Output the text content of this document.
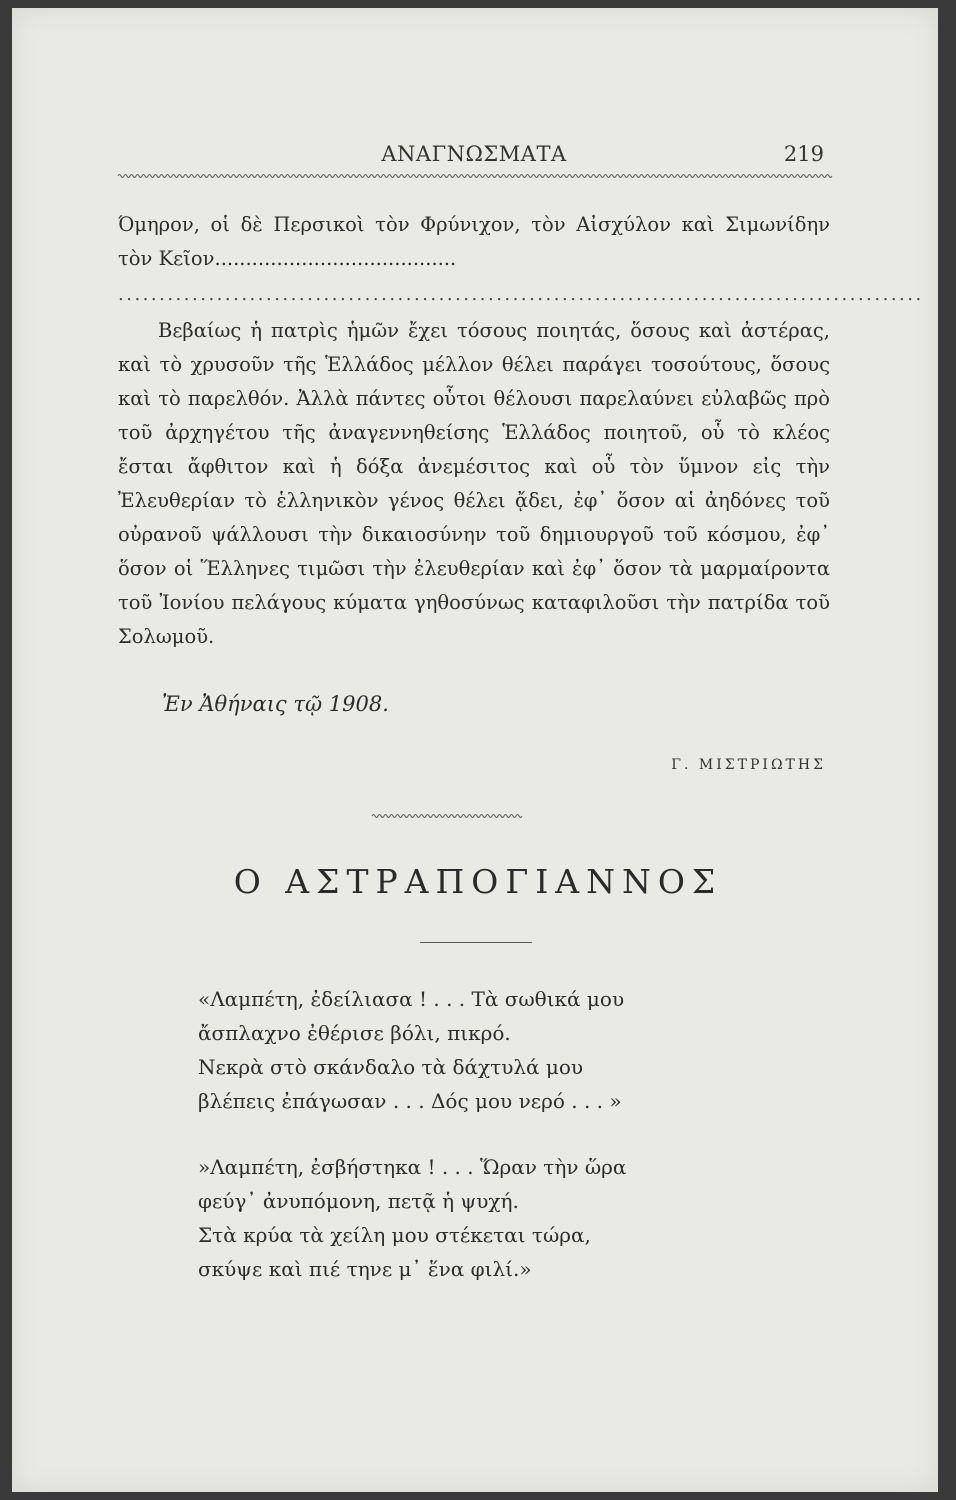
ΑΝΑΓΝΩΣΜΑΤΑ	219
Όμηρον, οἱ δὲ Περσικοὶ τὸν Φρύνιχον, τὸν Αἰσχύλον καὶ Σιμωνίδην τὸν Κεῖον.......................................
..................................................................................................
Βεβαίως ἡ πατρὶς ἡμῶν ἔχει τόσους ποιητάς, ὅσους καὶ ἀστέρας, καὶ τὸ χρυσοῦν τῆς Ἑλλάδος μέλλον θέλει παράγει τοσούτους, ὅσους καὶ τὸ παρελθόν. Ἀλλὰ πάντες οὗτοι θέλουσι παρελαύνει εὐλαβῶς πρὸ τοῦ ἀρχηγέτου τῆς ἀναγεννηθείσης Ἑλλάδος ποιητοῦ, οὗ τὸ κλέος ἔσται ἄφθιτον καὶ ἡ δόξα ἀνεμέσιτος καὶ οὗ τὸν ὕμνον εἰς τὴν Ἐλευθερίαν τὸ ἑλληνικὸν γένος θέλει ᾄδει, ἐφ᾽ ὅσον αἱ ἀηδόνες τοῦ οὐρανοῦ ψάλλουσι τὴν δικαιοσύνην τοῦ δημιουργοῦ τοῦ κόσμου, ἐφ᾽ ὅσον οἱ Ἕλληνες τιμῶσι τὴν ἐλευθερίαν καὶ ἐφ᾽ ὅσον τὰ μαρμαίροντα τοῦ Ἰονίου πελάγους κύματα γηθοσύνως καταφιλοῦσι τὴν πατρίδα τοῦ Σολωμοῦ.
Ἐν Ἀθήναις τῷ 1908.
Γ. ΜΙΣΤΡΙΩΤΗΣ
Ο ΑΣΤΡΑΠΟΓΙΑΝΝΟΣ
«Λαμπέτη, ἐδείλιασα ! . . . Τὰ σωθικά μου
ἄσπλαχνο ἐθέρισε βόλι, πικρό.
Νεκρὰ στὸ σκάνδαλο τὰ δάχτυλά μου
βλέπεις ἐπάγωσαν . . . Δός μου νερό . . . »
»Λαμπέτη, ἐσβήστηκα ! . . . Ὥραν τὴν ὥρα
φεύγ᾽ ἀνυπόμονη, πετᾷ ἡ ψυχή.
Στὰ κρύα τὰ χείλη μου στέκεται τώρα,
σκύψε καὶ πιέ τηνε μ᾽ ἕνα φιλί.»
